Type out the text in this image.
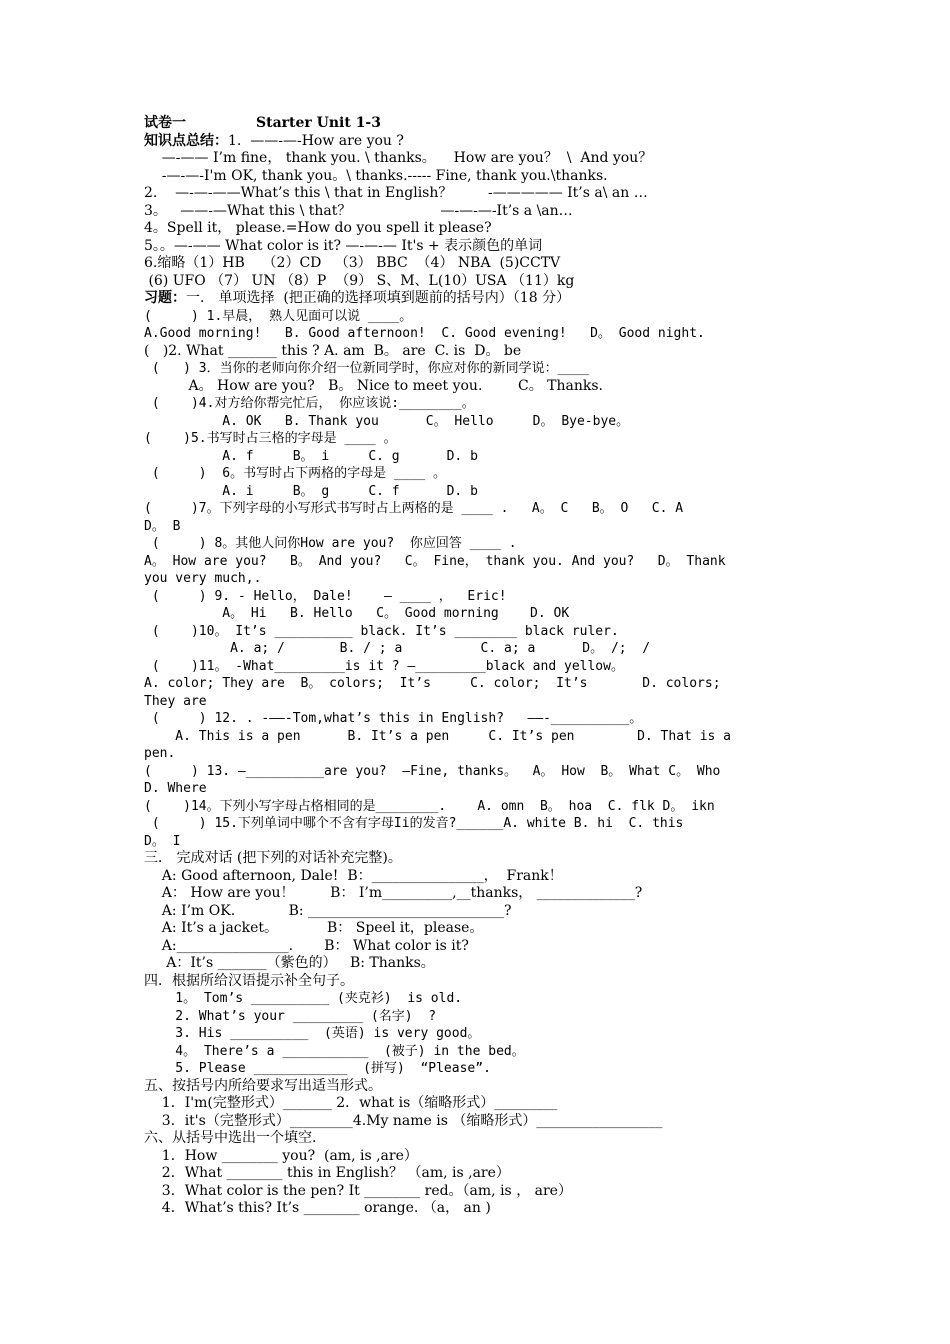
试卷一	Starter Unit 1-3
知识点总结：1.  ——-—-How are you ?
—-—— I’m fine， thank you. \ thanks。    How are you？  \  And you？
-—-—-I'm OK, thank you。\ thanks.----- Fine, thank you.\thanks.
2.    —-—-——What’s this \ that in English？        -————— It’s a\ an …
3。   ——-—What this \ that？                    —-—-—-It’s a \an…
4。Spell it， please.=How do you spell it please?
5。。—-—— What color is it? —-—-— It's + 表示颜色的单词
6.缩略（1）HB    （2）CD   （3） BBC  （4） NBA  (5)CCTV
(6) UFO （7） UN （8）P  （9） S、M、L(10）USA （11）kg
习题：一． 单项选择  (把正确的选择项填到题前的括号内）（18 分）
(     ) 1.早晨， 熟人见面可以说 ____。
A.Good morning!   B. Good afternoon!  C. Good evening!   D。 Good night.
(   )2. What _______ this ? A. am  B。 are  C. is  D。 be
(   ) 3．当你的老师向你介绍一位新同学时，你应对你的新同学说：____
A。 How are you?   B。 Nice to meet you.        C。 Thanks.
(    )4.对方给你帮完忙后， 你应该说:________。
A. OK   B. Thank you      C。 Hello     D。 Bye-bye。
(    )5.书写时占三格的字母是 ____ 。
A. f     B。 i     C. g      D. b
(     )  6。书写时占下两格的字母是 ____ 。
A. i     B。 g     C. f      D. b
(     )7。下列字母的小写形式书写时占上两格的是 ____ .   A。 C   B。 O   C. A
D。 B
(     ) 8。其他人问你How are you?  你应回答 ____ .
A。 How are you?   B。 And you?   C。 Fine， thank you. And you?   D。 Thank
you very much,.
(     ) 9. - Hello， Dale!    — ____ ，  Eric!
A。 Hi   B. Hello   C。 Good morning    D. OK
(    )10。 It’s __________ black. It’s ________ black ruler.
A. a; /       B. / ; a          C. a; a      D。 /;  /
(    )11。 -What_________is it ? —_________black and yellow。
A. color; They are  B。 colors;  It’s     C. color;  It’s       D. colors;
They are
(     ) 12. . -——-Tom,what’s this in English?   ——-__________。
A. This is a pen      B. It’s a pen     C. It’s pen        D. That is a
pen.
(     ) 13. —__________are you?  —Fine, thanks。  A。 How  B。 What C。 Who
D. Where
(    )14。下列小写字母占格相同的是________.    A. omn  B。 hoa  C. flk D。 ikn
(     ) 15.下列单词中哪个不含有字母Ii的发音?______A. white B. hi  C. this
D。 I
三． 完成对话 (把下列的对话补充完整)。
A: Good afternoon, Dale!  B：________________，  Frank！
A： How are you！        B： I’m__________,__thanks， ______________?
A: I’m OK.            B: ____________________________?
A: It’s a jacket。           B： Speel it，please。
A:________________.       B： What color is it?
A：It’s _______（紫色的）   B: Thanks。
四．根据所给汉语提示补全句子。
1。 Tom’s __________ (夹克衫)  is old.
2. What’s your _________ (名字)  ?
3. His __________  (英语) is very good。
4。 There’s a ___________  (被子) in the bed。
5. Please ____________  (拼写)  “Please”.
五、按括号内所给要求写出适当形式。
1．I'm(完整形式）_______ 2．what is（缩略形式）_________
3．it's（完整形式）_________4.My name is （缩略形式）__________________
六、从括号中选出一个填空.
1．How ________ you?  (am, is ,are）
2．What ________ this in English？ （am, is ,are）
3．What color is the pen? It ________ red。（am, is ， are）
4．What’s this? It’s ________ orange. （a， an )
